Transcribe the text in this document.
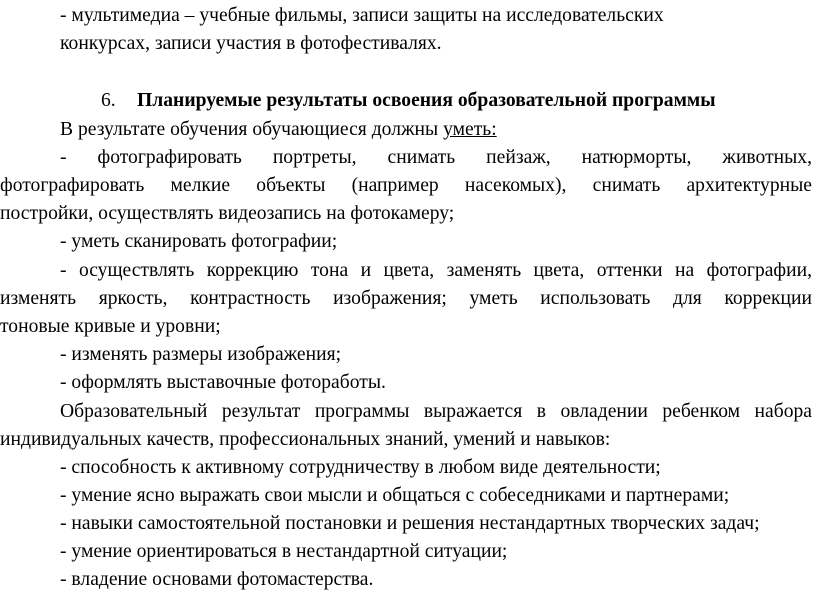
- мультимедиа – учебные фильмы, записи защиты на исследовательских
конкурсах, записи участия в фотофестивалях.
6. Планируемые результаты освоения образовательной программы
В результате обучения обучающиеся должны уметь:
- фотографировать портреты, снимать пейзаж, натюрморты, животных,
фотографировать мелкие объекты (например насекомых), снимать архитектурные
постройки, осуществлять видеозапись на фотокамеру;
- уметь сканировать фотографии;
- осуществлять коррекцию тона и цвета, заменять цвета, оттенки на фотографии,
изменять яркость, контрастность изображения; уметь использовать для коррекции
тоновые кривые и уровни;
- изменять размеры изображения;
- оформлять выставочные фоторaботы.
Образовательный результат программы выражается в овладении ребенком набора
индивидуальных качеств, профессиональных знаний, умений и навыков:
- способность к активному сотрудничеству в любом виде деятельности;
- умение ясно выражать свои мысли и общаться с собеседниками и партнерами;
- навыки самостоятельной постановки и решения нестандартных творческих задач;
- умение ориентироваться в нестандартной ситуации;
- владение основами фотомастерства.
